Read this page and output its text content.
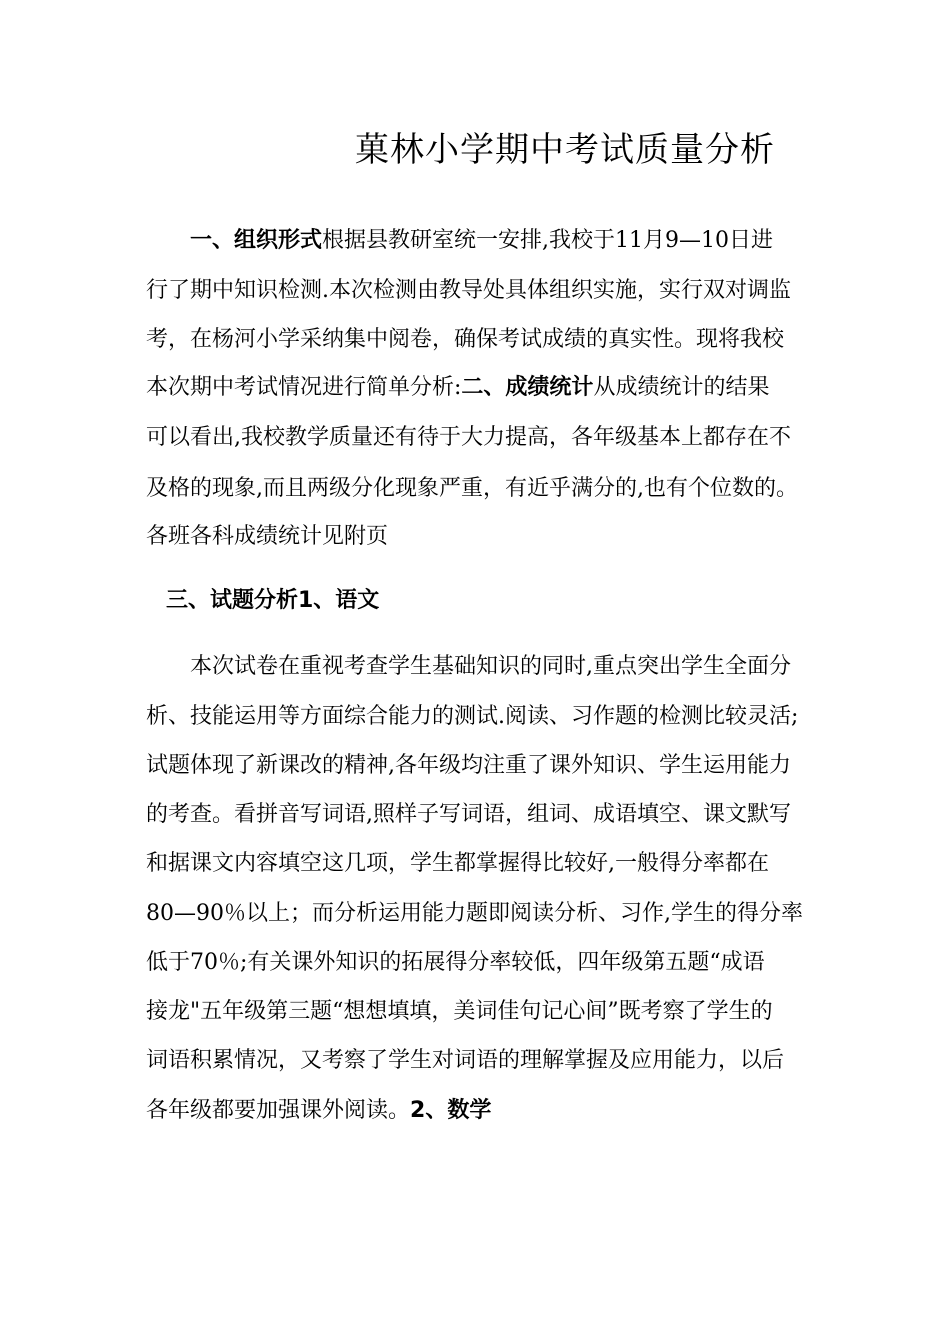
菓林小学期中考试质量分析
一、组织形式根据县教研室统一安排,我校于11月9—10日进
行了期中知识检测.本次检测由教导处具体组织实施，实行双对调监
考，在杨河小学采纳集中阅卷，确保考试成绩的真实性。现将我校
本次期中考试情况进行简单分析:二、成绩统计从成绩统计的结果
可以看出,我校教学质量还有待于大力提高，各年级基本上都存在不
及格的现象,而且两级分化现象严重，有近乎满分的,也有个位数的。
各班各科成绩统计见附页
三、试题分析1、语文
本次试卷在重视考查学生基础知识的同时,重点突出学生全面分
析、技能运用等方面综合能力的测试.阅读、习作题的检测比较灵活;
试题体现了新课改的精神,各年级均注重了课外知识、学生运用能力
的考查。看拼音写词语,照样子写词语，组词、成语填空、课文默写
和据课文内容填空这几项，学生都掌握得比较好,一般得分率都在
80—90％以上；而分析运用能力题即阅读分析、习作,学生的得分率
低于70％;有关课外知识的拓展得分率较低，四年级第五题“成语
接龙"五年级第三题“想想填填，美词佳句记心间”既考察了学生的
词语积累情况，又考察了学生对词语的理解掌握及应用能力，以后
各年级都要加强课外阅读。2、数学
